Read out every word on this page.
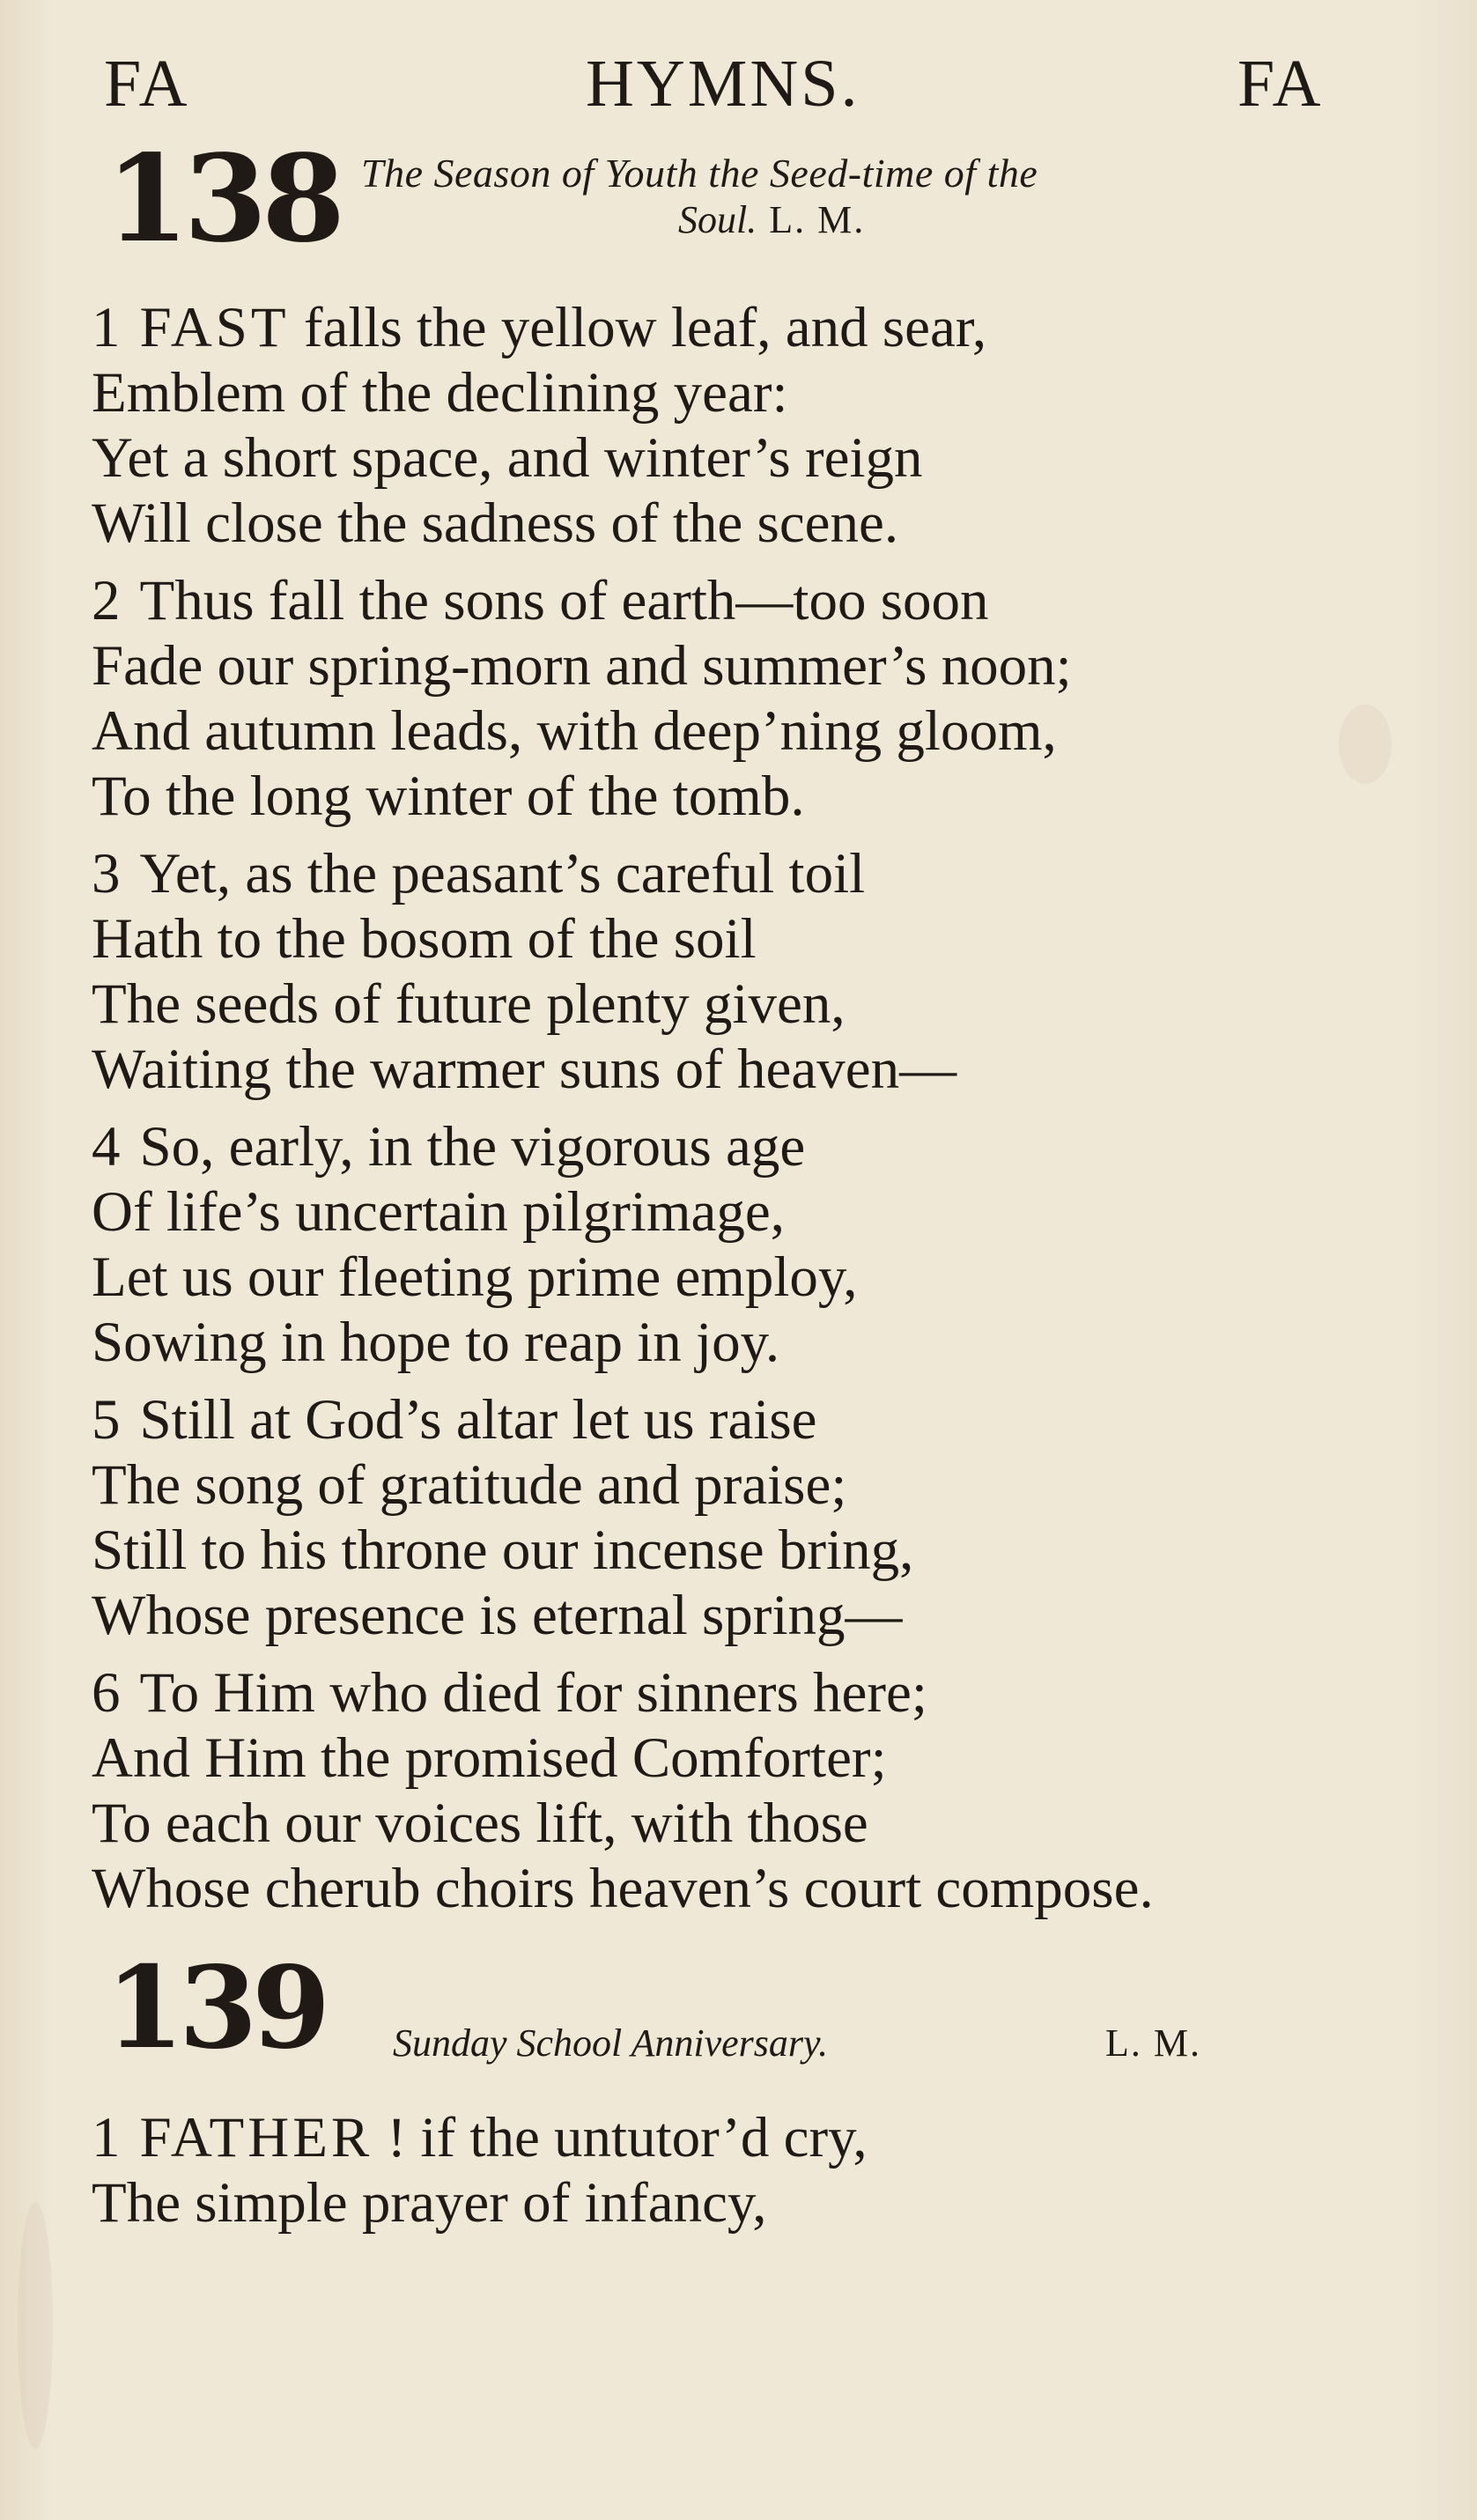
FA	HYMNS.	FA
138 The Season of Youth the Seed-time of the
Soul. L. M.
1 FAST falls the yellow leaf, and sear,
Emblem of the declining year:
Yet a short space, and winter’s reign
Will close the sadness of the scene.
2 Thus fall the sons of earth—too soon
Fade our spring-morn and summer’s noon;
And autumn leads, with deep’ning gloom,
To the long winter of the tomb.
3 Yet, as the peasant’s careful toil
Hath to the bosom of the soil
The seeds of future plenty given,
Waiting the warmer suns of heaven—
4 So, early, in the vigorous age
Of life’s uncertain pilgrimage,
Let us our fleeting prime employ,
Sowing in hope to reap in joy.
5 Still at God’s altar let us raise
The song of gratitude and praise;
Still to his throne our incense bring,
Whose presence is eternal spring—
6 To Him who died for sinners here;
And Him the promised Comforter;
To each our voices lift, with those
Whose cherub choirs heaven’s court compose.
139 Sunday School Anniversary.	L. M.
1 FATHER ! if the untutor’d cry,
The simple prayer of infancy,
